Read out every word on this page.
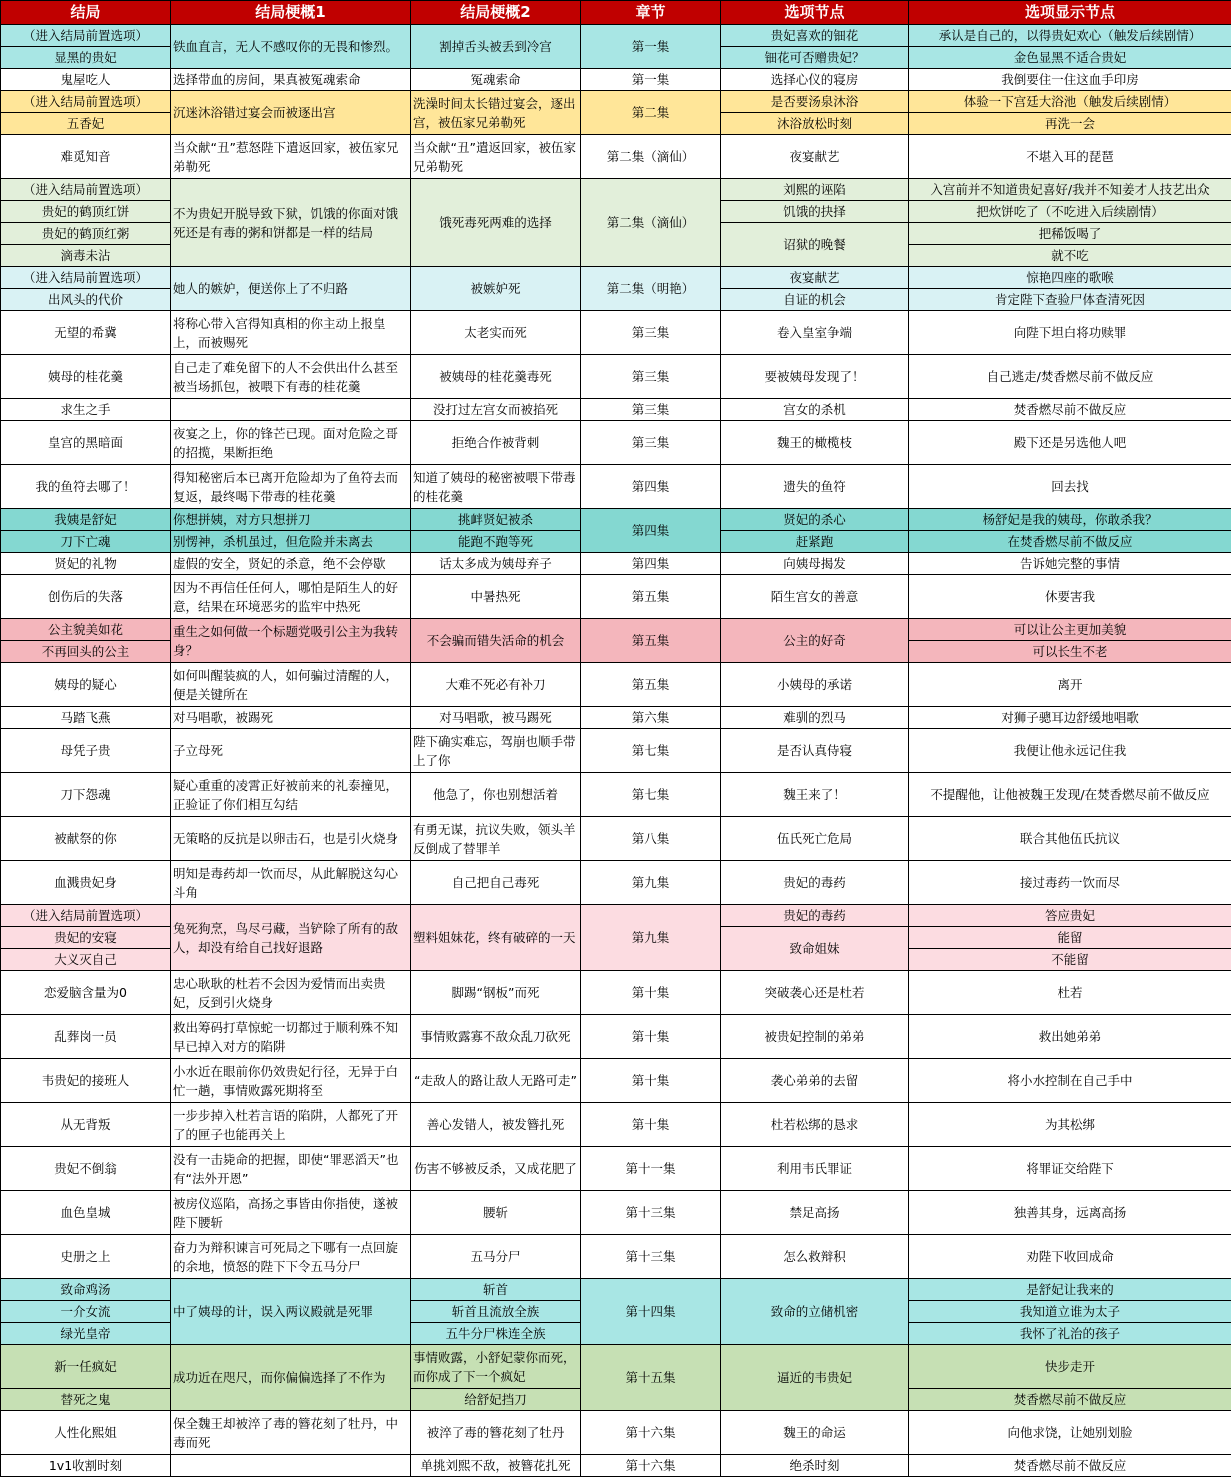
结局	结局梗概1	结局梗概2	章节	选项节点	选项显示节点
（进入结局前置选项）	铁血直言，无人不感叹你的无畏和惨烈。	割掉舌头被丢到冷宫	第一集	贵妃喜欢的钿花	承认是自己的，以得贵妃欢心（触发后续剧情）
显黑的贵妃				钿花可否赠贵妃？	金色显黑不适合贵妃
鬼屋吃人	选择带血的房间，果真被冤魂索命	冤魂索命	第一集	选择心仪的寝房	我倒要住一住这血手印房
（进入结局前置选项）	沉迷沐浴错过宴会而被逐出宫	洗澡时间太长错过宴会，逐出宫，被伍家兄弟勒死	第二集	是否要汤泉沐浴	体验一下宫廷大浴池（触发后续剧情）
五香妃				沐浴放松时刻	再洗一会
难觅知音	当众献“丑”惹怒陛下遣返回家，被伍家兄弟勒死	当众献“丑”遣返回家，被伍家兄弟勒死	第二集（滴仙）	夜宴献艺	不堪入耳的琵琶
（进入结局前置选项）	不为贵妃开脱导致下狱，饥饿的你面对饿死还是有毒的粥和饼都是一样的结局	饿死毒死两难的选择	第二集（滴仙）	刘熙的诬陷	入宫前并不知道贵妃喜好/我并不知姜才人技艺出众
贵妃的鹤顶红饼				饥饿的抉择	把炊饼吃了（不吃进入后续剧情）
贵妃的鹤顶红粥				诏狱的晚餐	把稀饭喝了
滴毒未沾					就不吃
（进入结局前置选项）	她人的嫉妒，便送你上了不归路	被嫉妒死	第二集（明艳）	夜宴献艺	惊艳四座的歌喉
出风头的代价				自证的机会	肯定陛下查验尸体查清死因
无望的希冀	将称心带入宫得知真相的你主动上报皇上，而被赐死	太老实而死	第三集	卷入皇室争端	向陛下坦白将功赎罪
姨母的桂花羹	自己走了难免留下的人不会供出什么甚至被当场抓包，被喂下有毒的桂花羹	被姨母的桂花羹毒死	第三集	要被姨母发现了！	自己逃走/焚香燃尽前不做反应
求生之手		没打过左宫女而被掐死	第三集	宫女的杀机	焚香燃尽前不做反应
皇宫的黑暗面	夜宴之上，你的锋芒已现。面对危险之哥的招揽，果断拒绝	拒绝合作被背刺	第三集	魏王的橄榄枝	殿下还是另选他人吧
我的鱼符去哪了！	得知秘密后本已离开危险却为了鱼符去而复返，最终喝下带毒的桂花羹	知道了姨母的秘密被喂下带毒的桂花羹	第四集	遗失的鱼符	回去找
我姨是舒妃	你想拼姨，对方只想拼刀	挑衅贤妃被杀	第四集	贤妃的杀心	杨舒妃是我的姨母，你敢杀我？
刀下亡魂	别愣神，杀机虽过，但危险并未离去	能跑不跑等死		赶紧跑	在焚香燃尽前不做反应
贤妃的礼物	虚假的安全，贤妃的杀意，绝不会停歇	话太多成为姨母弃子	第四集	向姨母揭发	告诉她完整的事情
创伤后的失落	因为不再信任任何人，哪怕是陌生人的好意，结果在环境恶劣的监牢中热死	中暑热死	第五集	陌生宫女的善意	休要害我
公主貌美如花	重生之如何做一个标题党吸引公主为我转身？	不会骗而错失活命的机会	第五集	公主的好奇	可以让公主更加美貌
不再回头的公主					可以长生不老
姨母的疑心	如何叫醒装疯的人，如何骗过清醒的人，便是关键所在	大难不死必有补刀	第五集	小姨母的承诺	离开
马踏飞燕	对马唱歌，被踢死	对马唱歌，被马踢死	第六集	难驯的烈马	对狮子骢耳边舒缓地唱歌
母凭子贵	子立母死	陛下确实难忘，驾崩也顺手带上了你	第七集	是否认真侍寝	我便让他永远记住我
刀下怨魂	疑心重重的凌霄正好被前来的礼泰撞见，正验证了你们相互勾结	他急了，你也别想活着	第七集	魏王来了！	不提醒他，让他被魏王发现/在焚香燃尽前不做反应
被献祭的你	无策略的反抗是以卵击石，也是引火烧身	有勇无谋，抗议失败，领头羊反倒成了替罪羊	第八集	伍氏死亡危局	联合其他伍氏抗议
血溅贵妃身	明知是毒药却一饮而尽，从此解脱这勾心斗角	自己把自己毒死	第九集	贵妃的毒药	接过毒药一饮而尽
（进入结局前置选项）	兔死狗烹，鸟尽弓藏，当铲除了所有的敌人，却没有给自己找好退路	塑料姐妹花，终有破碎的一天	第九集	贵妃的毒药	答应贵妃
贵妃的安寝				致命姐妹	能留
大义灭自己					不能留
恋爱脑含量为0	忠心耿耿的杜若不会因为爱情而出卖贵妃，反到引火烧身	脚踢“钢板”而死	第十集	突破袭心还是杜若	杜若
乱葬岗一员	救出筹码打草惊蛇一切都过于顺利殊不知早已掉入对方的陷阱	事情败露寡不敌众乱刀砍死	第十集	被贵妃控制的弟弟	救出她弟弟
韦贵妃的接班人	小水近在眼前你仍效贵妃行径，无异于白忙一趟，事情败露死期将至	“走敌人的路让敌人无路可走”	第十集	袭心弟弟的去留	将小水控制在自己手中
从无背叛	一步步掉入杜若言语的陷阱，人都死了开了的匣子也能再关上	善心发错人，被发簪扎死	第十集	杜若松绑的恳求	为其松绑
贵妃不倒翁	没有一击毙命的把握，即使“罪恶滔天”也有“法外开恩”	伤害不够被反杀，又成花肥了	第十一集	利用韦氏罪证	将罪证交给陛下
血色皇城	被房仪巡陷，高扬之事皆由你指使，遂被陛下腰斩	腰斩	第十三集	禁足高扬	独善其身，远离高扬
史册之上	奋力为辩积谏言可死局之下哪有一点回旋的余地，愤怒的陛下下令五马分尸	五马分尸	第十三集	怎么救辩积	劝陛下收回成命
致命鸡汤	中了姨母的计，误入两议殿就是死罪	斩首	第十四集	致命的立储机密	是舒妃让我来的
一介女流		斩首且流放全族			我知道立谁为太子
绿光皇帝		五牛分尸株连全族			我怀了礼治的孩子
新一任疯妃	成功近在咫尺，而你偏偏选择了不作为	事情败露，小舒妃蒙你而死，而你成了下一个疯妃	第十五集	逼近的韦贵妃	快步走开
替死之鬼		给舒妃挡刀			焚香燃尽前不做反应
人性化熙姐	保全魏王却被淬了毒的簪花刻了牡丹，中毒而死	被淬了毒的簪花刻了牡丹	第十六集	魏王的命运	向他求饶，让她别划脸
1v1收割时刻		单挑刘熙不敌，被簪花扎死	第十六集	绝杀时刻	焚香燃尽前不做反应
